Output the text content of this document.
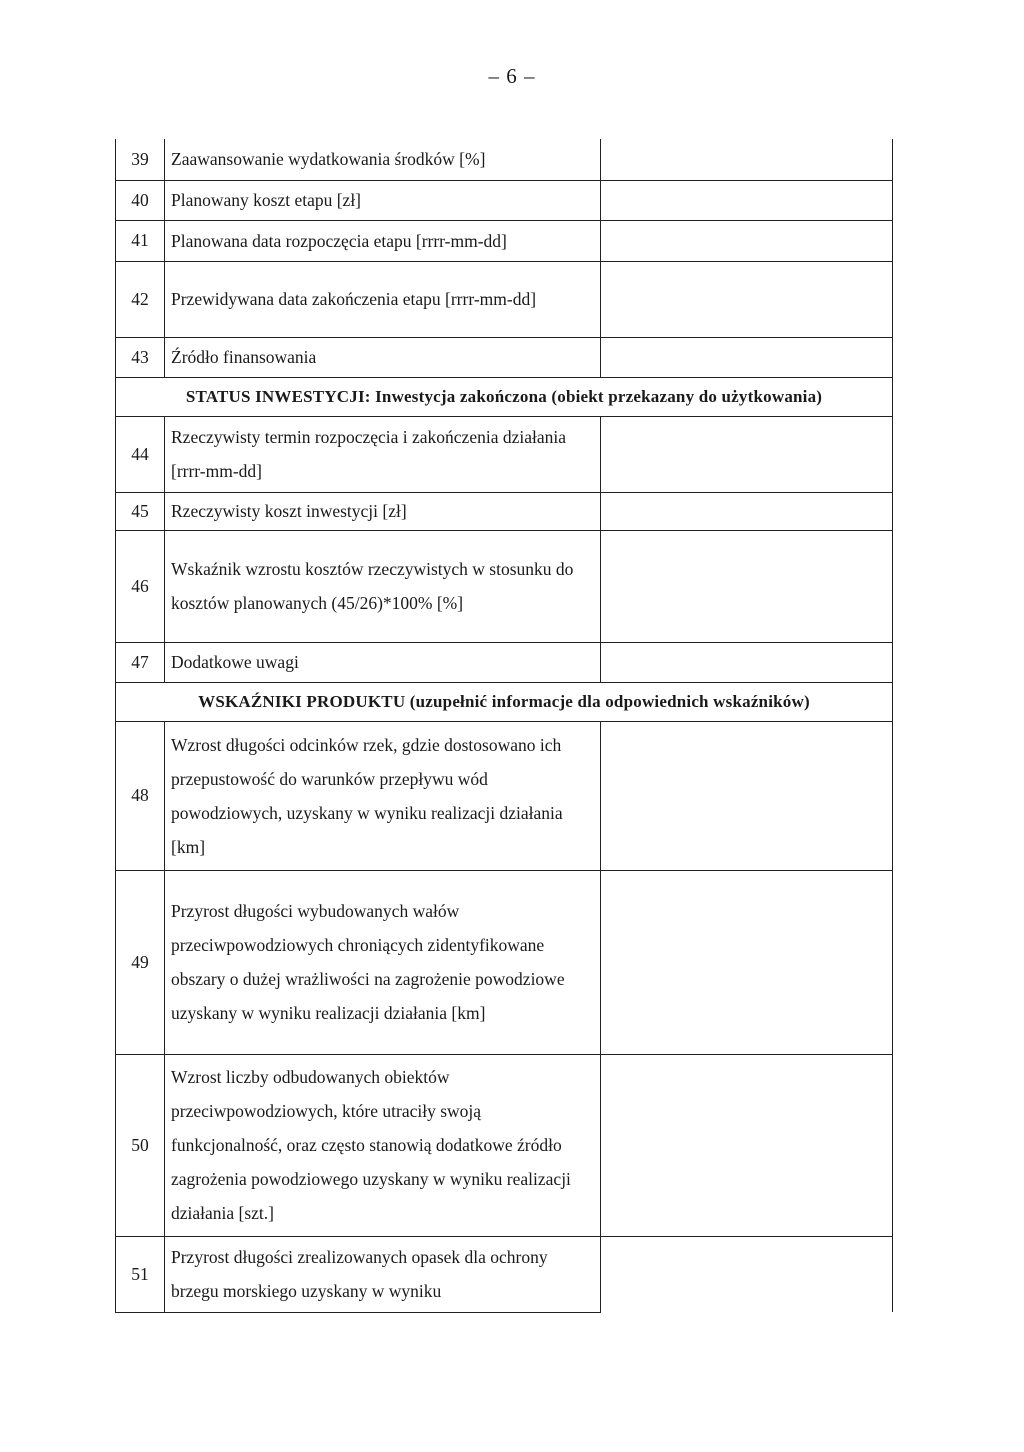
– 6 –
39	Zaawansowanie wydatkowania środków [%]	
40	Planowany koszt etapu [zł]	
41	Planowana data rozpoczęcia etapu [rrrr-mm-dd]	
42	Przewidywana data zakończenia etapu [rrrr-mm-dd]	
43	Źródło finansowania	
STATUS INWESTYCJI: Inwestycja zakończona (obiekt przekazany do użytkowania)		
44	Rzeczywisty termin rozpoczęcia i zakończenia działania [rrrr-mm-dd]	
45	Rzeczywisty koszt inwestycji [zł]	
46	Wskaźnik wzrostu kosztów rzeczywistych w stosunku do kosztów planowanych (45/26)*100% [%]	
47	Dodatkowe uwagi	
WSKAŹNIKI PRODUKTU (uzupełnić informacje dla odpowiednich wskaźników)		
48	Wzrost długości odcinków rzek, gdzie dostosowano ich przepustowość do warunków przepływu wód powodziowych, uzyskany w wyniku realizacji działania [km]	
49	Przyrost długości wybudowanych wałów przeciwpowodziowych chroniących zidentyfikowane obszary o dużej wrażliwości na zagrożenie powodziowe uzyskany w wyniku realizacji działania [km]	
50	Wzrost liczby odbudowanych obiektów przeciwpowodziowych, które utraciły swoją funkcjonalność, oraz często stanowią dodatkowe źródło zagrożenia powodziowego uzyskany w wyniku realizacji działania [szt.]	
51	Przyrost długości zrealizowanych opasek dla ochrony brzegu morskiego uzyskany w wyniku	
